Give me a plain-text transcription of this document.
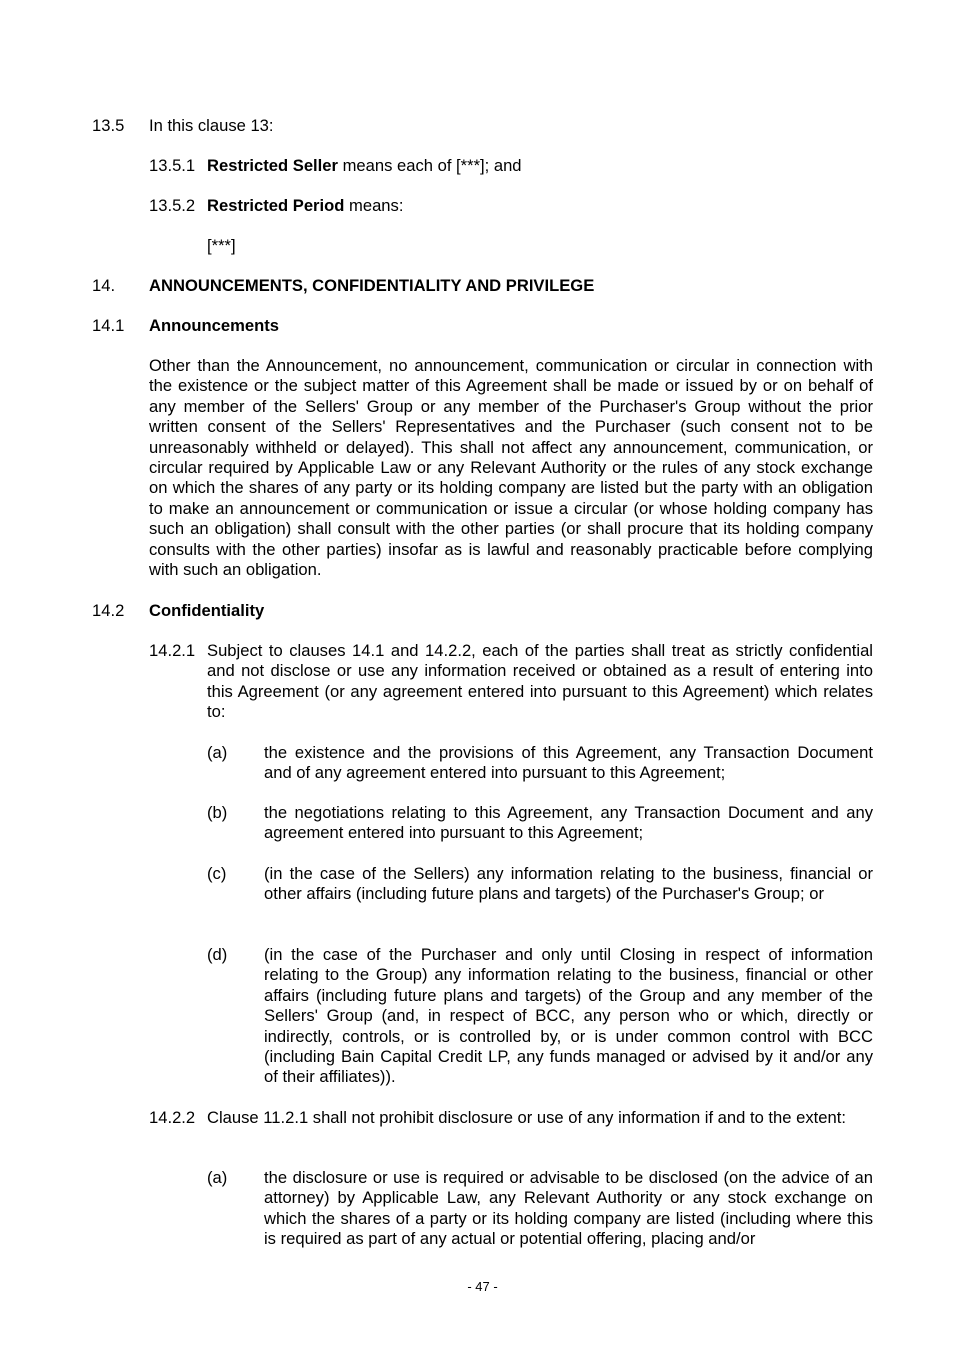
13.5 In this clause 13:
13.5.1 Restricted Seller means each of [***]; and
13.5.2 Restricted Period means:
[***]
14. ANNOUNCEMENTS, CONFIDENTIALITY AND PRIVILEGE
14.1 Announcements
Other than the Announcement, no announcement, communication or circular in connection with the existence or the subject matter of this Agreement shall be made or issued by or on behalf of any member of the Sellers' Group or any member of the Purchaser's Group without the prior written consent of the Sellers' Representatives and the Purchaser (such consent not to be unreasonably withheld or delayed). This shall not affect any announcement, communication, or circular required by Applicable Law or any Relevant Authority or the rules of any stock exchange on which the shares of any party or its holding company are listed but the party with an obligation to make an announcement or communication or issue a circular (or whose holding company has such an obligation) shall consult with the other parties (or shall procure that its holding company consults with the other parties) insofar as is lawful and reasonably practicable before complying with such an obligation.
14.2 Confidentiality
14.2.1 Subject to clauses 14.1 and 14.2.2, each of the parties shall treat as strictly confidential and not disclose or use any information received or obtained as a result of entering into this Agreement (or any agreement entered into pursuant to this Agreement) which relates to:
(a) the existence and the provisions of this Agreement, any Transaction Document and of any agreement entered into pursuant to this Agreement;
(b) the negotiations relating to this Agreement, any Transaction Document and any agreement entered into pursuant to this Agreement;
(c) (in the case of the Sellers) any information relating to the business, financial or other affairs (including future plans and targets) of the Purchaser's Group; or
(d) (in the case of the Purchaser and only until Closing in respect of information relating to the Group) any information relating to the business, financial or other affairs (including future plans and targets) of the Group and any member of the Sellers' Group (and, in respect of BCC, any person who or which, directly or indirectly, controls, or is controlled by, or is under common control with BCC (including Bain Capital Credit LP, any funds managed or advised by it and/or any of their affiliates)).
14.2.2 Clause 11.2.1 shall not prohibit disclosure or use of any information if and to the extent:
(a) the disclosure or use is required or advisable to be disclosed (on the advice of an attorney) by Applicable Law, any Relevant Authority or any stock exchange on which the shares of a party or its holding company are listed (including where this is required as part of any actual or potential offering, placing and/or
- 47 -
